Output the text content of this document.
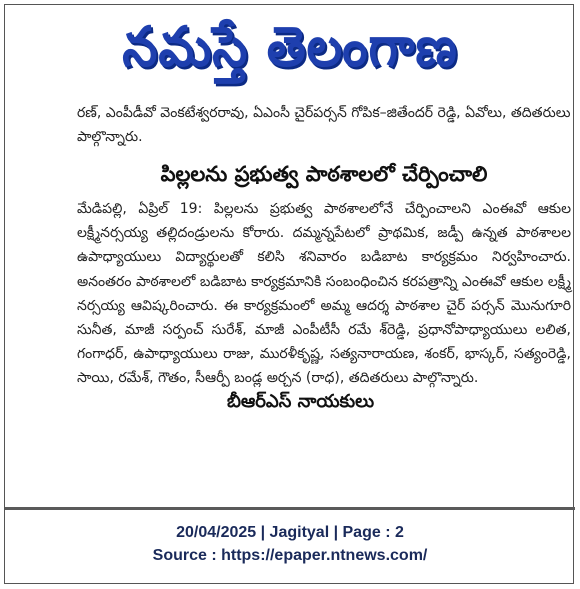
నమస్తే తెలంగాణ

రణ్, ఎంపీడీవో వెంకటేశ్వరరావు, ఏఎంసీ చైర్‌పర్సన్ గోపిక–జితేందర్ రెడ్డి, ఏవోలు, తదితరులు పాల్గొన్నారు.

పిల్లలను ప్రభుత్వ పాఠశాలలో చేర్పించాలి

మేడిపల్లి, ఏప్రిల్ 19: పిల్లలను ప్రభుత్వ పాఠశాలలోనే చేర్పించాలని ఎంఈవో ఆకుల లక్ష్మీనర్సయ్య తల్లిదండ్రులను కోరారు. దమ్మన్నపేటలో ప్రాథమిక, జడ్పీ ఉన్నత పాఠశాలల ఉపాధ్యాయులు విద్యార్థులతో కలిసి శనివారం బడిబాట కార్యక్రమం నిర్వహించారు. అనంతరం పాఠశాలలో బడిబాట కార్యక్రమానికి సంబంధించిన కరపత్రాన్ని ఎంఈవో ఆకుల లక్ష్మీ నర్సయ్య ఆవిష్కరించారు. ఈ కార్యక్రమంలో అమ్మ ఆదర్శ పాఠశాల చైర్ పర్సన్ మొనుగూరి సునీత, మాజీ సర్పంచ్ సురేశ్, మాజీ ఎంపీటీసీ రమే శ్‌రెడ్డి, ప్రధానోపాధ్యాయులు లలిత, గంగాధర్, ఉపాధ్యాయులు రాజు, మురళీకృష్ణ, సత్యనారాయణ, శంకర్, భాస్కర్, సత్యంరెడ్డి, సాయి, రమేశ్, గౌతం, సీఆర్పీ బండ్ల అర్చన (రాధ), తదితరులు పాల్గొన్నారు.

బీఆర్ఎస్ నాయకులు
20/04/2025 | Jagityal | Page : 2
Source : https://epaper.ntnews.com/
